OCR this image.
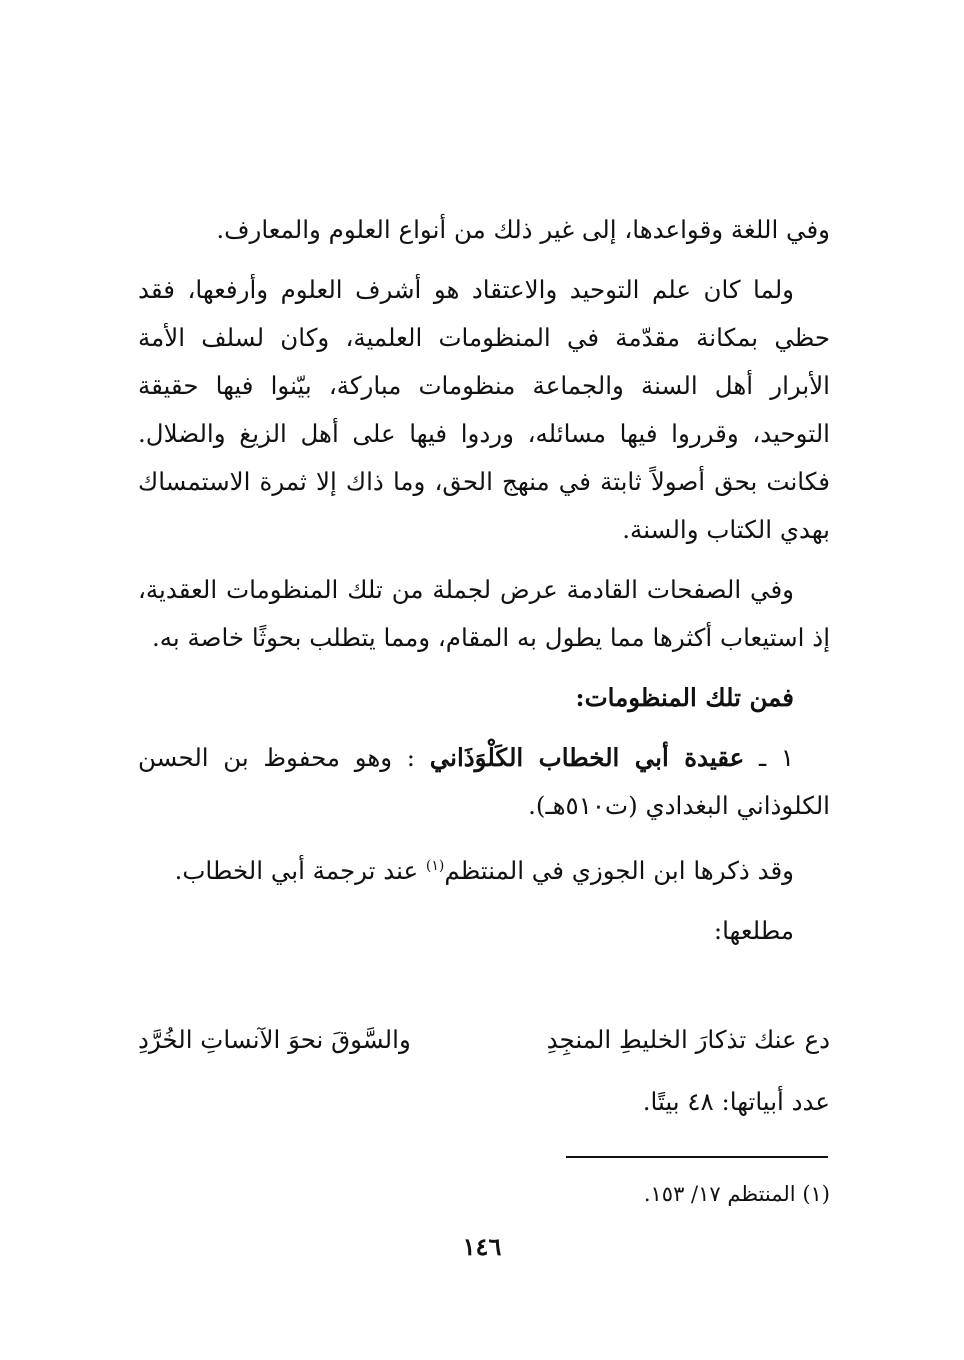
وفي اللغة وقواعدها، إلى غير ذلك من أنواع العلوم والمعارف.

ولما كان علم التوحيد والاعتقاد هو أشرف العلوم وأرفعها، فقد حظي بمكانة مقدّمة في المنظومات العلمية، وكان لسلف الأمة الأبرار أهل السنة والجماعة منظومات مباركة، بيّنوا فيها حقيقة التوحيد، وقرروا فيها مسائله، وردوا فيها على أهل الزيغ والضلال. فكانت بحق أصولاً ثابتة في منهج الحق، وما ذاك إلا ثمرة الاستمساك بهدي الكتاب والسنة.

وفي الصفحات القادمة عرض لجملة من تلك المنظومات العقدية، إذ استيعاب أكثرها مما يطول به المقام، ومما يتطلب بحوثًا خاصة به.

فمن تلك المنظومات:

١ ـ عقيدة أبي الخطاب الكَلْوَذَاني : وهو محفوظ بن الحسن الكلوذاني البغدادي (ت٥١٠هـ).

وقد ذكرها ابن الجوزي في المنتظم$^{(١)}$ عند ترجمة أبي الخطاب.

مطلعها:

دع عنك تذكارَ الخليطِ المنجِدِ
والسَّوقَ نحوَ الآنساتِ الخُرَّدِ

عدد أبياتها: ٤٨ بيتًا.

(١) المنتظم ١٧/ ١٥٣.
١٤٦
